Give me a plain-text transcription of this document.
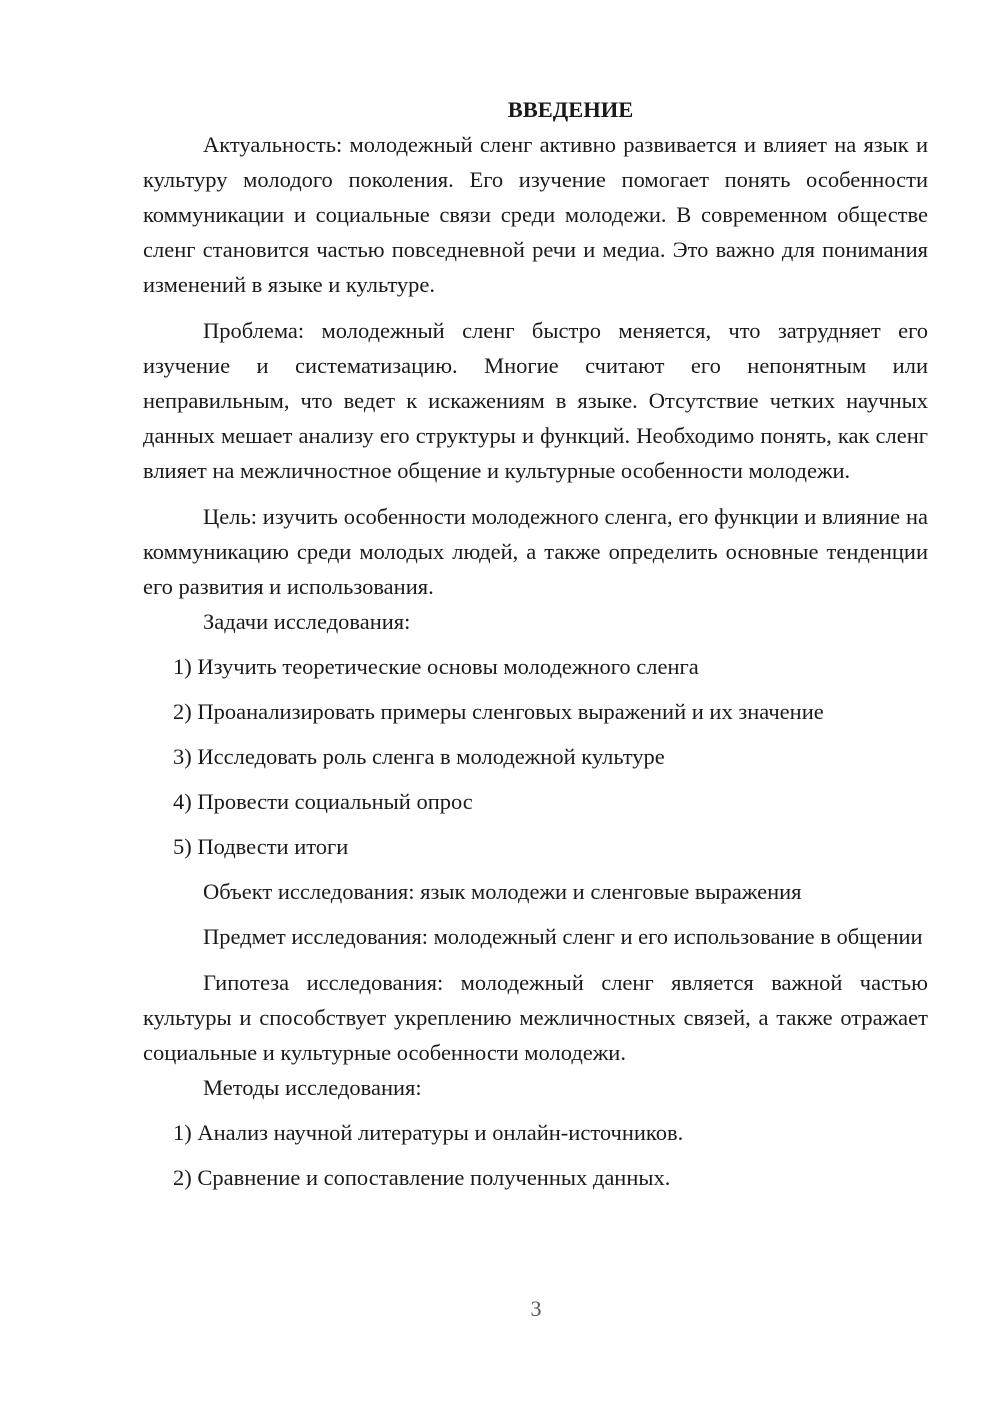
ВВЕДЕНИЕ

Актуальность: молодежный сленг активно развивается и влияет на язык и культуру молодого поколения. Его изучение помогает понять особенности коммуникации и социальные связи среди молодежи. В современном обществе сленг становится частью повседневной речи и медиа. Это важно для понимания изменений в языке и культуре.

Проблема: молодежный сленг быстро меняется, что затрудняет его изучение и систематизацию. Многие считают его непонятным или неправильным, что ведет к искажениям в языке. Отсутствие четких научных данных мешает анализу его структуры и функций. Необходимо понять, как сленг влияет на межличностное общение и культурные особенности молодежи.

Цель: изучить особенности молодежного сленга, его функции и влияние на коммуникацию среди молодых людей, а также определить основные тенденции его развития и использования.

Задачи исследования:

1) Изучить теоретические основы молодежного сленга

2) Проанализировать примеры сленговых выражений и их значение

3) Исследовать роль сленга в молодежной культуре

4) Провести социальный опрос

5) Подвести итоги

Объект исследования: язык молодежи и сленговые выражения

Предмет исследования: молодежный сленг и его использование в общении

Гипотеза исследования: молодежный сленг является важной частью культуры и способствует укреплению межличностных связей, а также отражает социальные и культурные особенности молодежи.

Методы исследования:

1) Анализ научной литературы и онлайн-источников.

2) Сравнение и сопоставление полученных данных.

3
